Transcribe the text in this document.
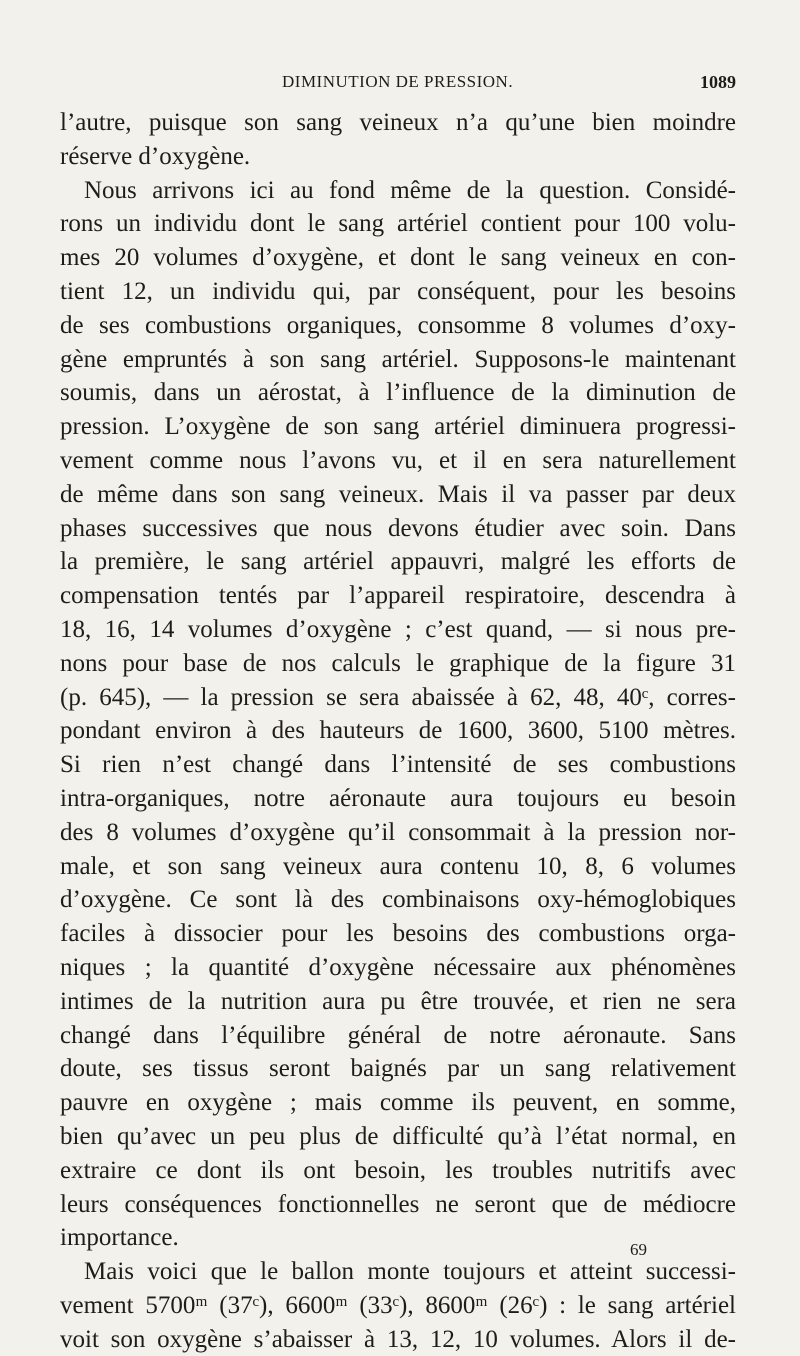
DIMINUTION DE PRESSION.	1089
l’autre, puisque son sang veineux n’a qu’une bien moindre
réserve d’oxygène.
Nous arrivons ici au fond même de la question. Considé-
rons un individu dont le sang artériel contient pour 100 volu-
mes 20 volumes d’oxygène, et dont le sang veineux en con-
tient 12, un individu qui, par conséquent, pour les besoins
de ses combustions organiques, consomme 8 volumes d’oxy-
gène empruntés à son sang artériel. Supposons-le maintenant
soumis, dans un aérostat, à l’influence de la diminution de
pression. L’oxygène de son sang artériel diminuera progressi-
vement comme nous l’avons vu, et il en sera naturellement
de même dans son sang veineux. Mais il va passer par deux
phases successives que nous devons étudier avec soin. Dans
la première, le sang artériel appauvri, malgré les efforts de
compensation tentés par l’appareil respiratoire, descendra à
18, 16, 14 volumes d’oxygène ; c’est quand, — si nous pre-
nons pour base de nos calculs le graphique de la figure 31
(p. 645), — la pression se sera abaissée à 62, 48, 40ᶜ, corres-
pondant environ à des hauteurs de 1600, 3600, 5100 mètres.
Si rien n’est changé dans l’intensité de ses combustions
intra-organiques, notre aéronaute aura toujours eu besoin
des 8 volumes d’oxygène qu’il consommait à la pression nor-
male, et son sang veineux aura contenu 10, 8, 6 volumes
d’oxygène. Ce sont là des combinaisons oxy-hémoglobiques
faciles à dissocier pour les besoins des combustions orga-
niques ; la quantité d’oxygène nécessaire aux phénomènes
intimes de la nutrition aura pu être trouvée, et rien ne sera
changé dans l’équilibre général de notre aéronaute. Sans
doute, ses tissus seront baignés par un sang relativement
pauvre en oxygène ; mais comme ils peuvent, en somme,
bien qu’avec un peu plus de difficulté qu’à l’état normal, en
extraire ce dont ils ont besoin, les troubles nutritifs avec
leurs conséquences fonctionnelles ne seront que de médiocre
importance.
Mais voici que le ballon monte toujours et atteint successi-
vement 5700ᵐ (37ᶜ), 6600ᵐ (33ᶜ), 8600ᵐ (26ᶜ) : le sang artériel
voit son oxygène s’abaisser à 13, 12, 10 volumes. Alors il de-
69
